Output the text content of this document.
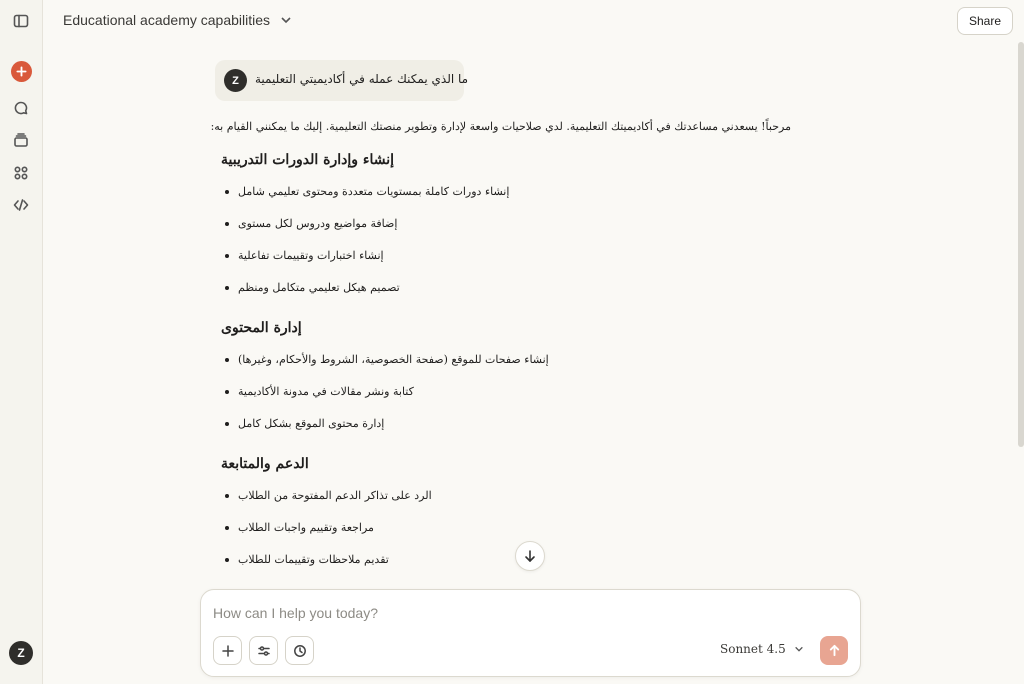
Z
Educational academy capabilities	Share
Z	ما الذي يمكنك عمله في أكاديميتي التعليمية
مرحباً! يسعدني مساعدتك في أكاديميتك التعليمية. لدي صلاحيات واسعة لإدارة وتطوير منصتك التعليمية. إليك ما يمكنني القيام به:
إنشاء وإدارة الدورات التدريبية
إنشاء دورات كاملة بمستويات متعددة ومحتوى تعليمي شامل
إضافة مواضيع ودروس لكل مستوى
إنشاء اختبارات وتقييمات تفاعلية
تصميم هيكل تعليمي متكامل ومنظم
إدارة المحتوى
إنشاء صفحات للموقع (صفحة الخصوصية، الشروط والأحكام، وغيرها)
كتابة ونشر مقالات في مدونة الأكاديمية
إدارة محتوى الموقع بشكل كامل
الدعم والمتابعة
الرد على تذاكر الدعم المفتوحة من الطلاب
مراجعة وتقييم واجبات الطلاب
تقديم ملاحظات وتقييمات للطلاب
How can I help you today?
Sonnet 4.5
